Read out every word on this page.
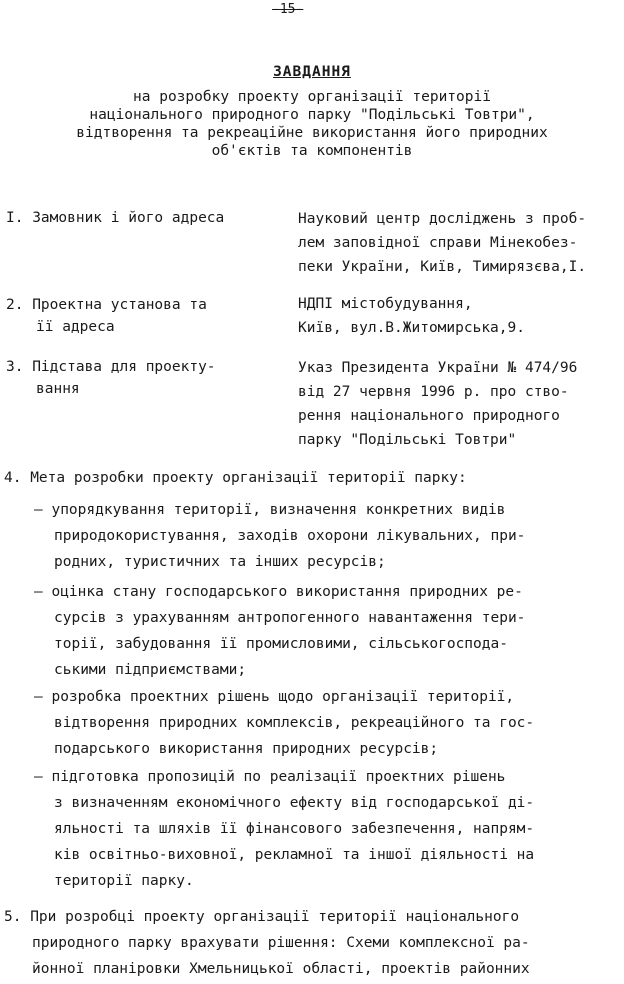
-15-
ЗАВДАННЯ
на розробку проекту організації території
національного природного парку "Подільські Товтри",
відтворення та рекреаційне використання його природних
об'єктів та компонентів
I. Замовник і його адреса	Науковий центр досліджень з проб-
лем заповідної справи Мінекобез-
пеки України, Київ, Тимирязєва,I.
2. Проектна установа та
її адреса
НДПІ містобудування,
Київ, вул.В.Житомирська,9.
3. Підстава для проекту-
вання
Указ Президента України № 474/96
від 27 червня 1996 р. про ство-
рення національного природного
парку "Подільські Товтри"
4. Мета розробки проекту організації території парку:
– упорядкування території, визначення конкретних видів
природокористування, заходів охорони лікувальних, при-
родних, туристичних та інших ресурсів;
– оцінка стану господарського використання природних ре-
сурсів з урахуванням антропогенного навантаження тери-
торії, забудовання її промисловими, сільськогоспода-
ськими підприємствами;
– розробка проектних рішень щодо організації території,
відтворення природних комплексів, рекреаційного та гос-
подарського використання природних ресурсів;
– підготовка пропозицій по реалізації проектних рішень
з визначенням економічного ефекту від господарської ді-
яльності та шляхів її фінансового забезпечення, напрям-
ків освітньо-виховної, рекламної та іншої діяльності на
території парку.
5. При розробці проекту організації території національного
природного парку врахувати рішення: Схеми комплексної ра-
йонної планіровки Хмельницької області, проектів районних
